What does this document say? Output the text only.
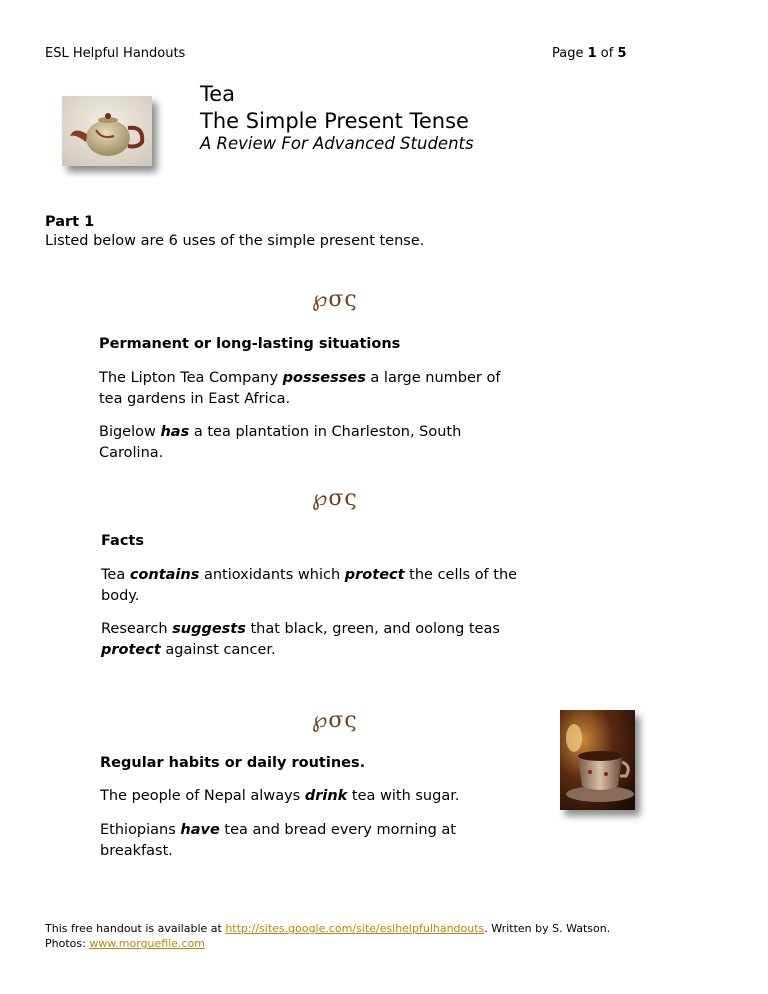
ESL Helpful Handouts	Page 1 of 5
Tea
The Simple Present Tense
A Review For Advanced Students
Part 1
Listed below are 6 uses of the simple present tense.
℘σς
Permanent or long-lasting situations
The Lipton Tea Company possesses a large number of tea gardens in East Africa.
Bigelow has a tea plantation in Charleston, South Carolina.
℘σς
Facts
Tea contains antioxidants which protect the cells of the body.
Research suggests that black, green, and oolong teas protect against cancer.
℘σς
Regular habits or daily routines.
The people of Nepal always drink tea with sugar.
Ethiopians have tea and bread every morning at breakfast.
This free handout is available at http://sites.google.com/site/eslhelpfulhandouts. Written by S. Watson.
Photos: www.morguefile.com
